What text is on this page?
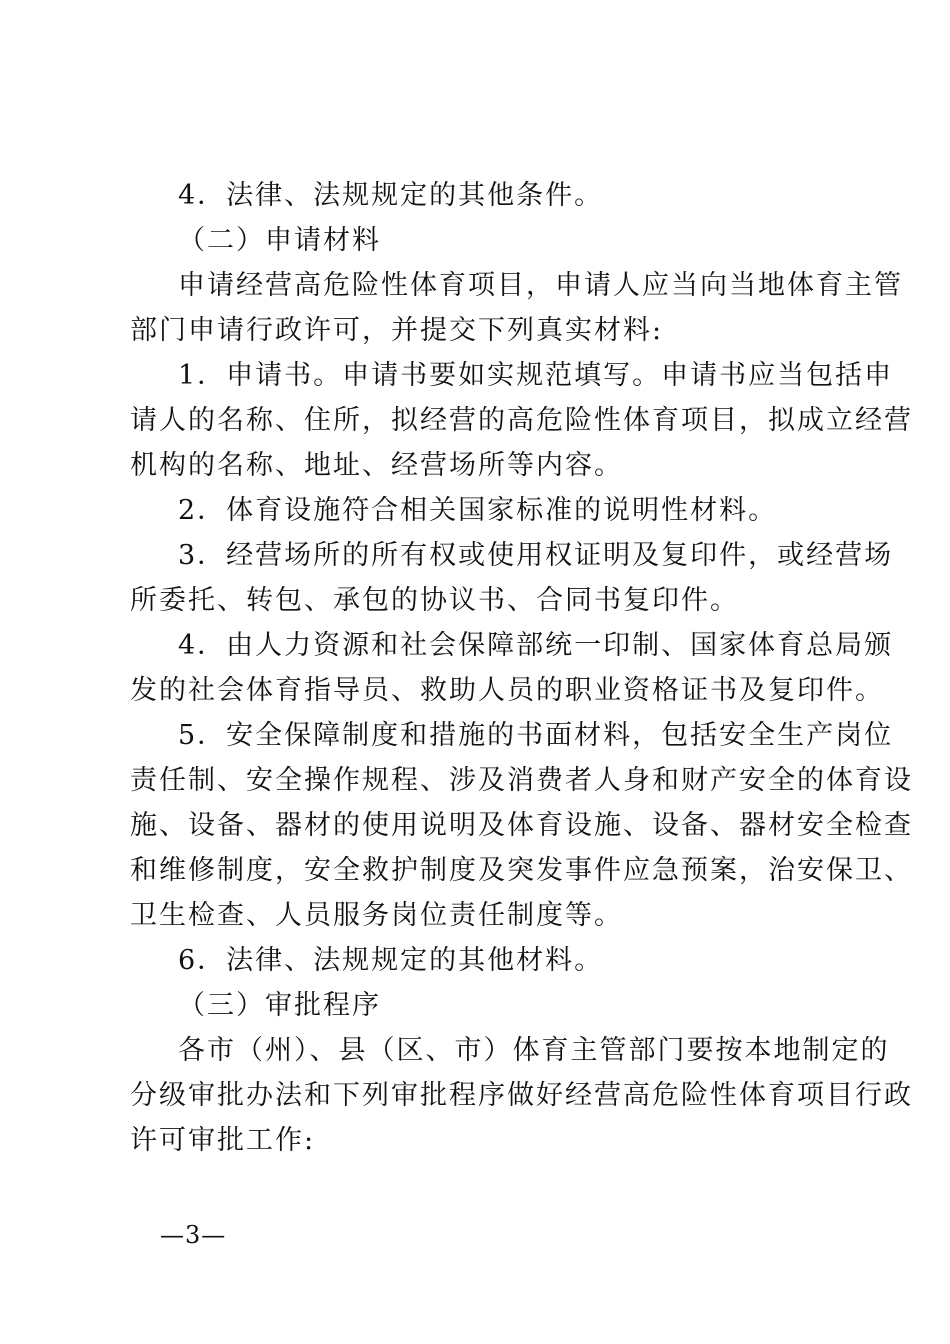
4．法律、法规规定的其他条件。
（二）申请材料
申请经营高危险性体育项目，申请人应当向当地体育主管
部门申请行政许可，并提交下列真实材料:
1．申请书。申请书要如实规范填写。申请书应当包括申
请人的名称、住所，拟经营的高危险性体育项目，拟成立经营
机构的名称、地址、经营场所等内容。
2．体育设施符合相关国家标准的说明性材料。
3．经营场所的所有权或使用权证明及复印件，或经营场
所委托、转包、承包的协议书、合同书复印件。
4．由人力资源和社会保障部统一印制、国家体育总局颁
发的社会体育指导员、救助人员的职业资格证书及复印件。
5．安全保障制度和措施的书面材料，包括安全生产岗位
责任制、安全操作规程、涉及消费者人身和财产安全的体育设
施、设备、器材的使用说明及体育设施、设备、器材安全检查
和维修制度，安全救护制度及突发事件应急预案，治安保卫、
卫生检查、人员服务岗位责任制度等。
6．法律、法规规定的其他材料。
（三）审批程序
各市（州）、县（区、市）体育主管部门要按本地制定的
分级审批办法和下列审批程序做好经营高危险性体育项目行政
许可审批工作:
—3—
